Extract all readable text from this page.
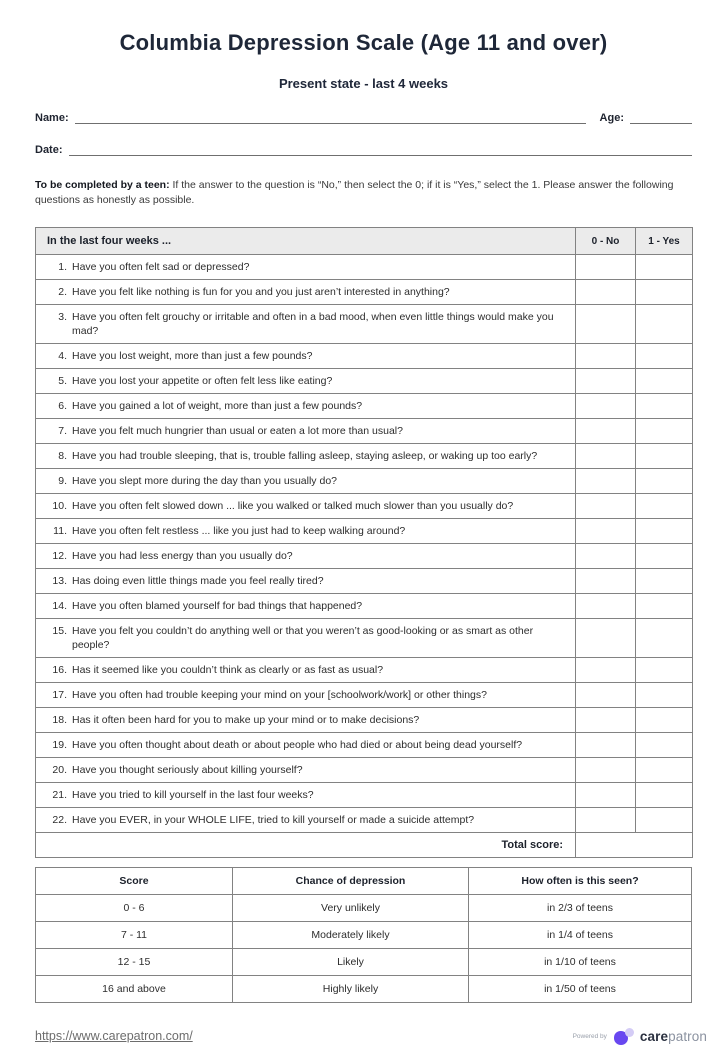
Columbia Depression Scale (Age 11 and over)
Present state - last 4 weeks
Name:	Age:
Date:

To be completed by a teen: If the answer to the question is “No,” then select the 0; if it is “Yes,” select the 1. Please answer the following questions as honestly as possible.

In the last four weeks ...	0 - No	1 - Yes
1. Have you often felt sad or depressed?		
2. Have you felt like nothing is fun for you and you just aren’t interested in anything?		
3. Have you often felt grouchy or irritable and often in a bad mood, when even little things would make you mad?		
4. Have you lost weight, more than just a few pounds?		
5. Have you lost your appetite or often felt less like eating?		
6. Have you gained a lot of weight, more than just a few pounds?		
7. Have you felt much hungrier than usual or eaten a lot more than usual?		
8. Have you had trouble sleeping, that is, trouble falling asleep, staying asleep, or waking up too early?		
9. Have you slept more during the day than you usually do?		
10. Have you often felt slowed down ... like you walked or talked much slower than you usually do?		
11. Have you often felt restless ... like you just had to keep walking around?		
12. Have you had less energy than you usually do?		
13. Has doing even little things made you feel really tired?		
14. Have you often blamed yourself for bad things that happened?		
15. Have you felt you couldn’t do anything well or that you weren’t as good-looking or as smart as other people?		
16. Has it seemed like you couldn’t think as clearly or as fast as usual?		
17. Have you often had trouble keeping your mind on your [schoolwork/work] or other things?		
18. Has it often been hard for you to make up your mind or to make decisions?		
19. Have you often thought about death or about people who had died or about being dead yourself?		
20. Have you thought seriously about killing yourself?		
21. Have you tried to kill yourself in the last four weeks?		
22. Have you EVER, in your WHOLE LIFE, tried to kill yourself or made a suicide attempt?		
Total score:		
Score	Chance of depression	How often is this seen?
0 - 6	Very unlikely	in 2/3 of teens
7 - 11	Moderately likely	in 1/4 of teens
12 - 15	Likely	in 1/10 of teens
16 and above	Highly likely	in 1/50 of teens
https://www.carepatron.com/	Powered by carepatron
